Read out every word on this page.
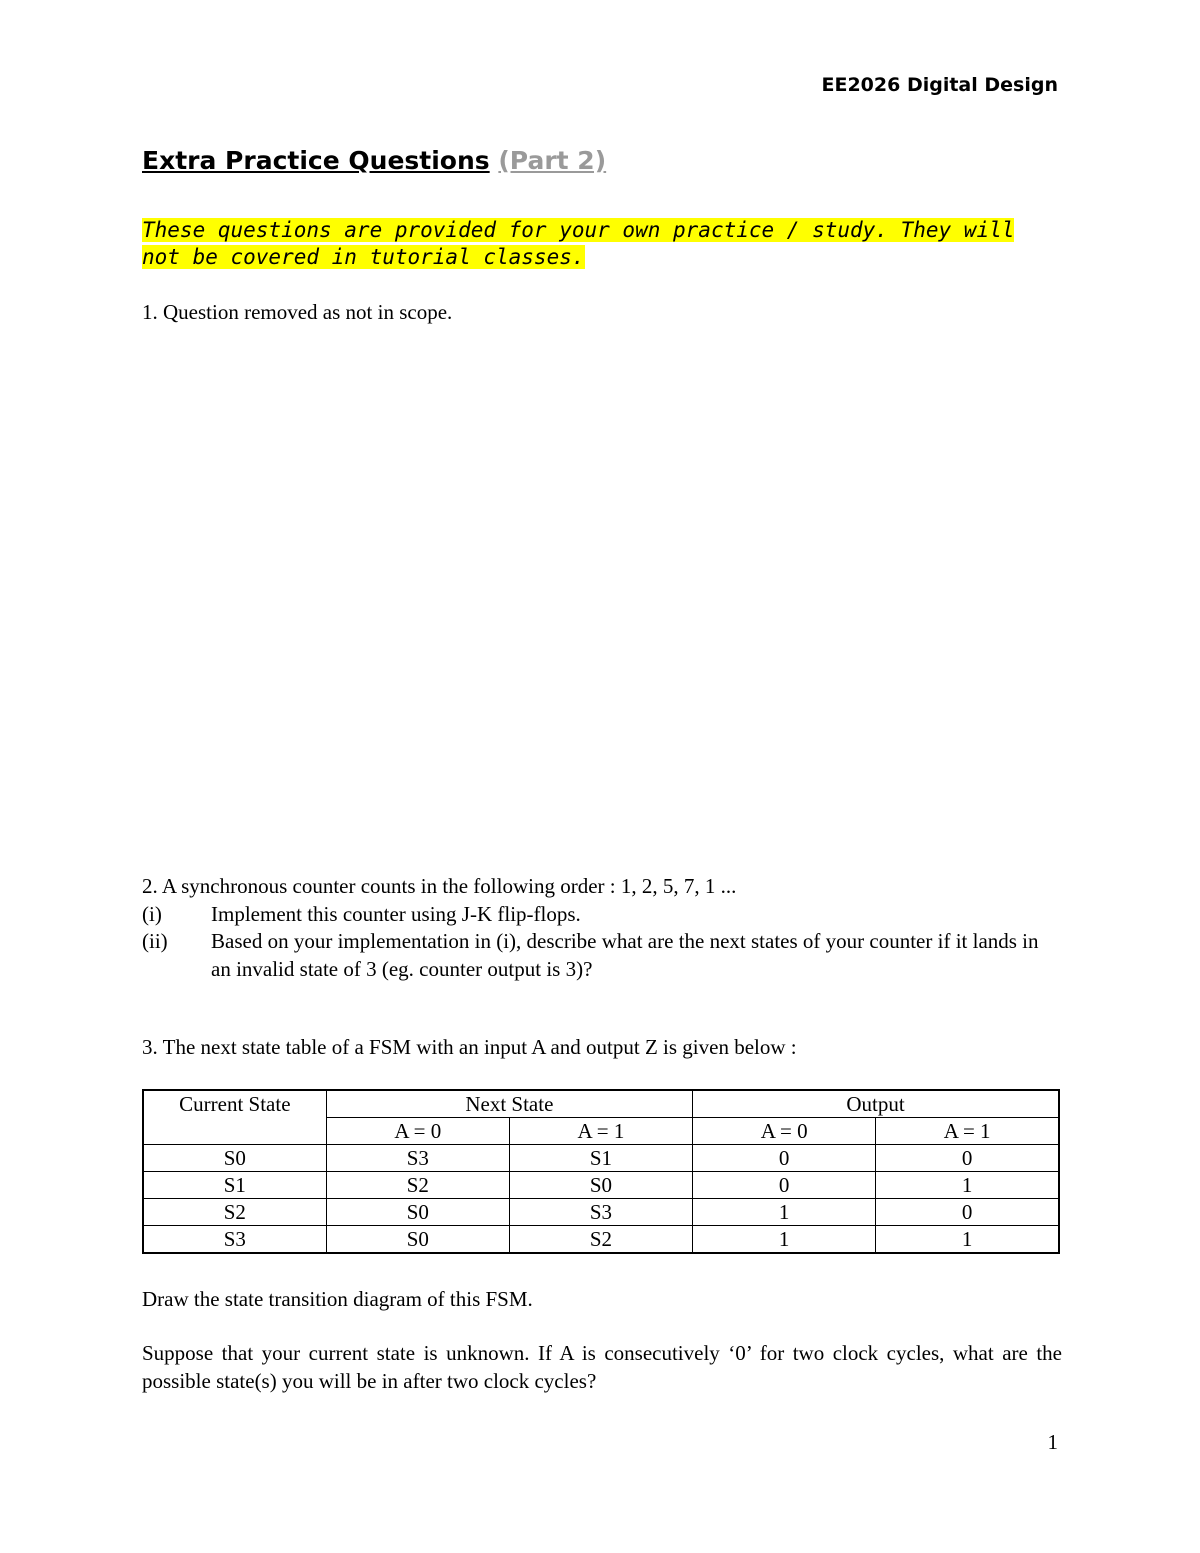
EE2026 Digital Design
Extra Practice Questions (Part 2)
These questions are provided for your own practice / study. They will not be covered in tutorial classes.
1. Question removed as not in scope.
2. A synchronous counter counts in the following order : 1, 2, 5, 7, 1 ...
(i)	Implement this counter using J-K flip-flops.
(ii)	Based on your implementation in (i), describe what are the next states of your counter if it lands in an invalid state of 3 (eg. counter output is 3)?
3. The next state table of a FSM with an input A and output Z is given below :
Current State	Next State		Output	
	A = 0	A = 1	A = 0	A = 1
S0	S3	S1	0	0
S1	S2	S0	0	1
S2	S0	S3	1	0
S3	S0	S2	1	1
Draw the state transition diagram of this FSM.
Suppose that your current state is unknown. If A is consecutively ‘0’ for two clock cycles, what are the possible state(s) you will be in after two clock cycles?
1
